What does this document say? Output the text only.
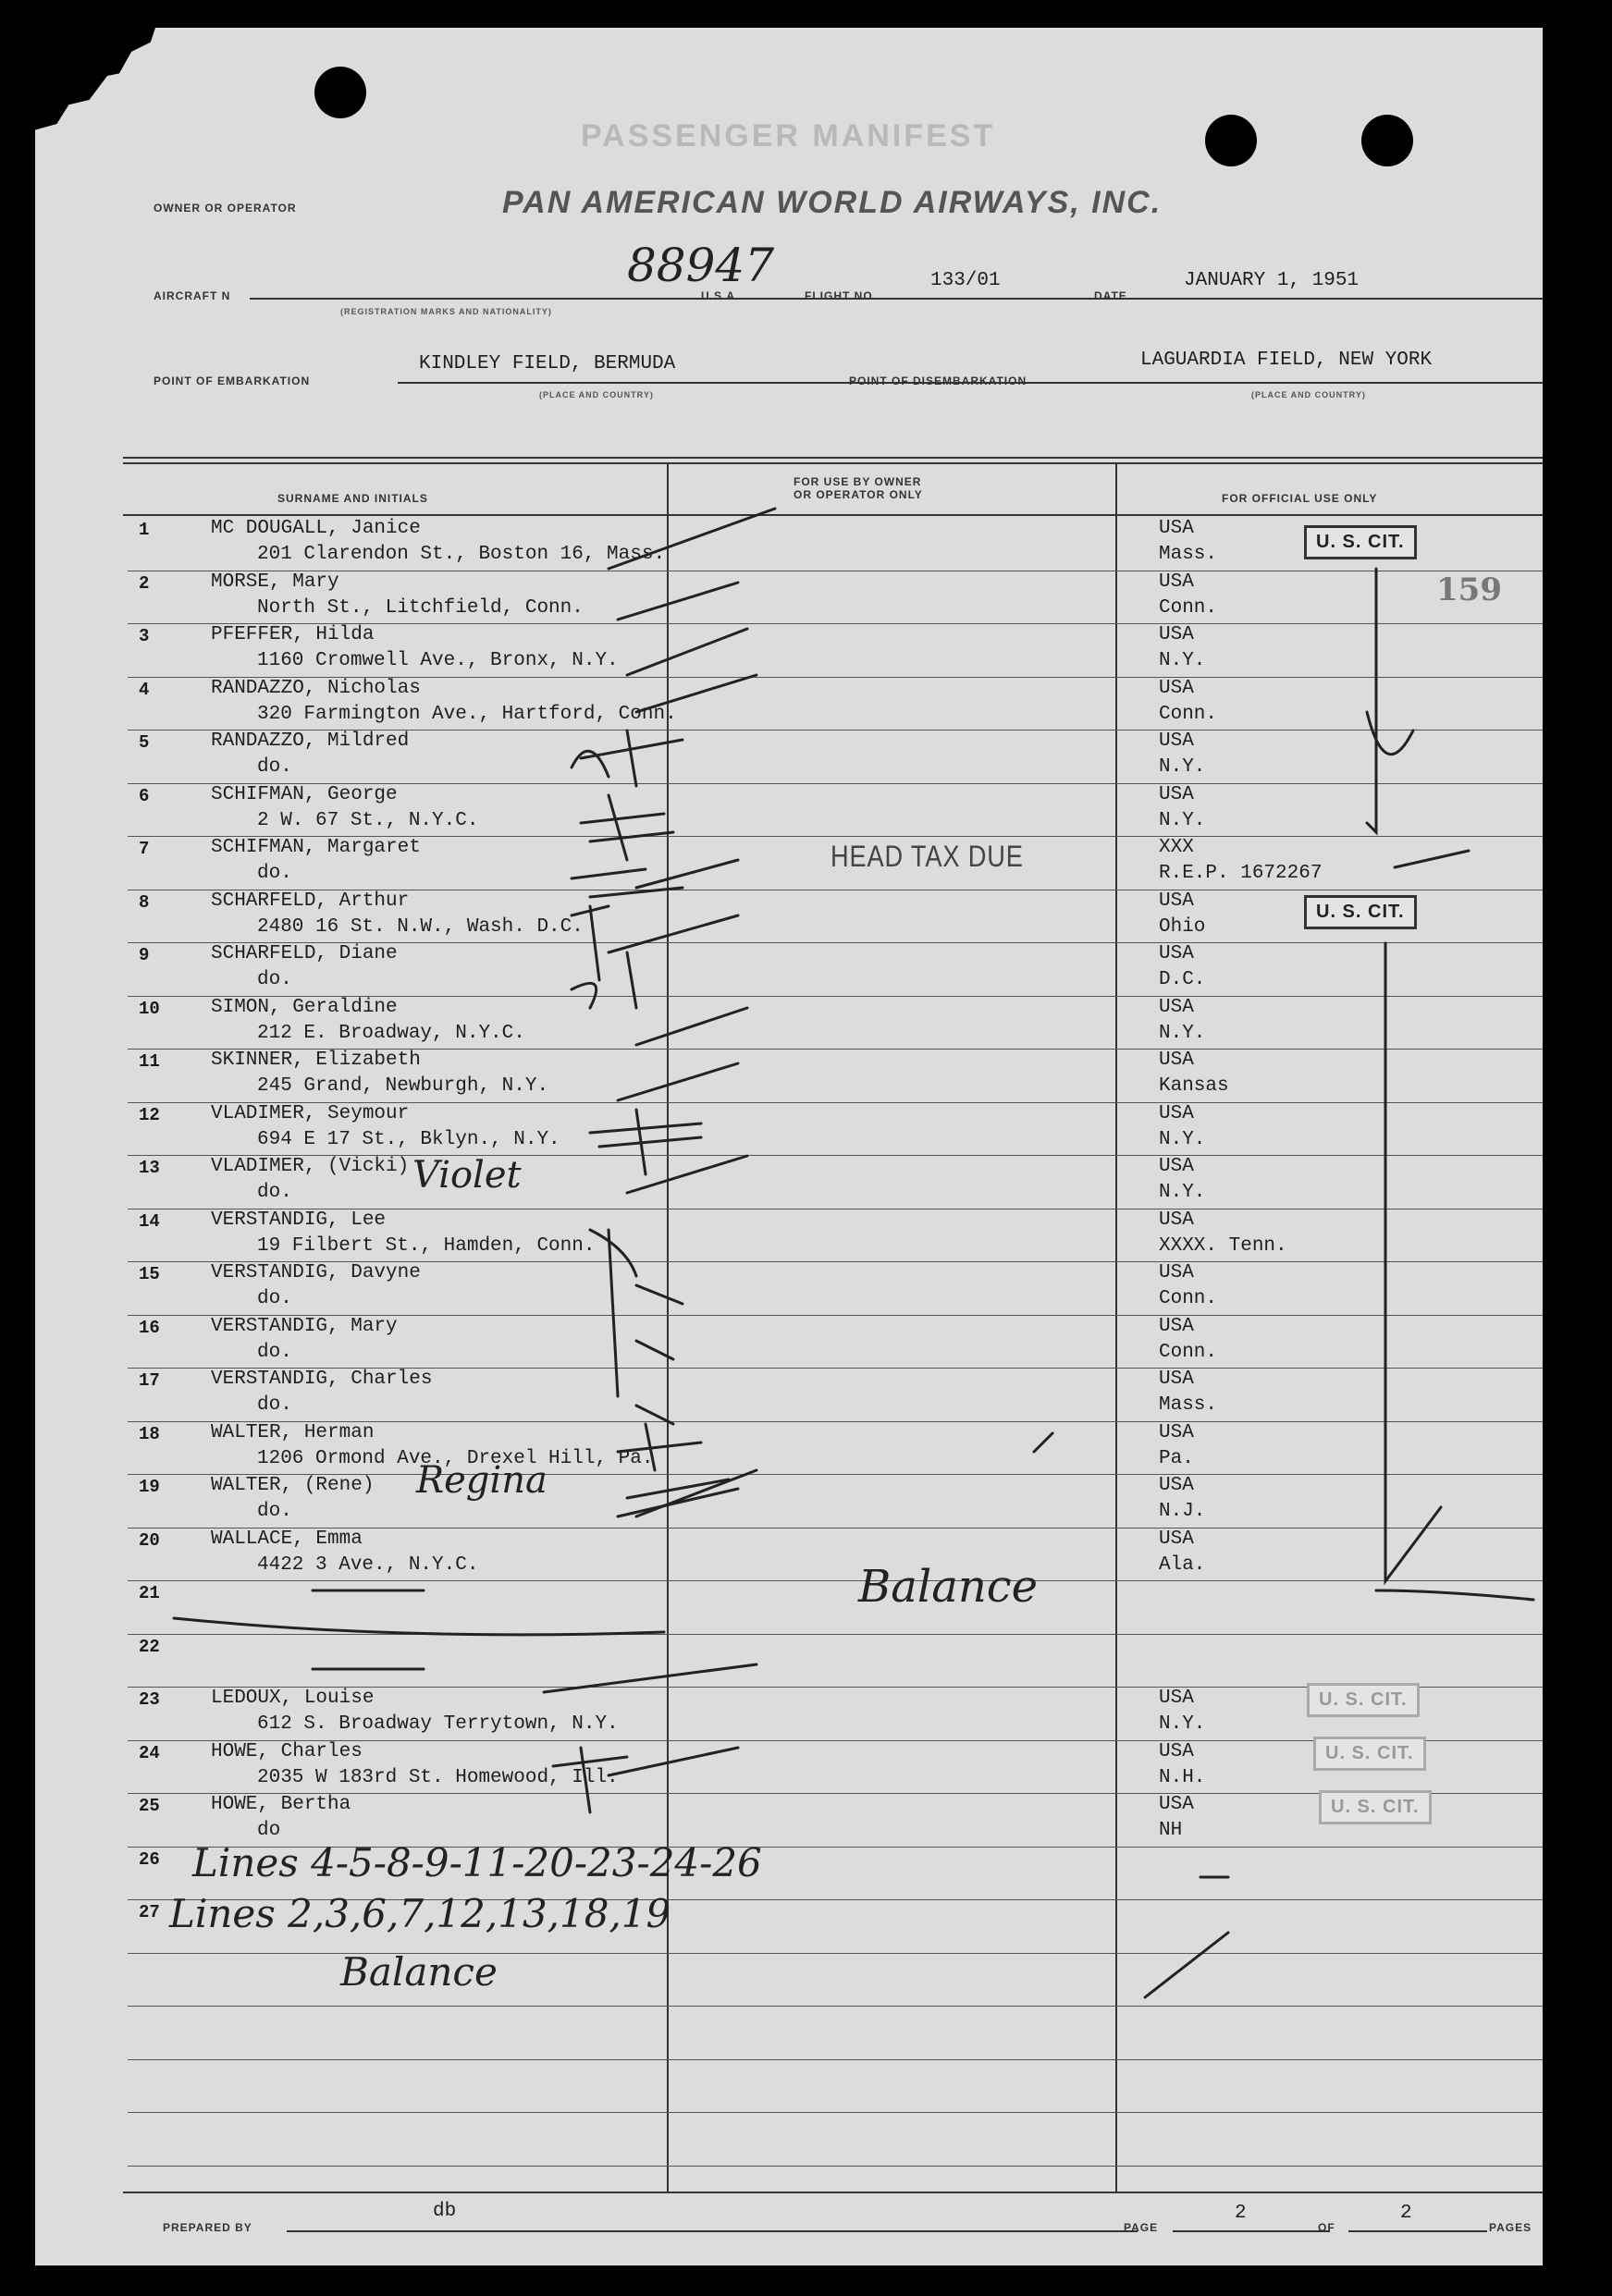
PASSENGER MANIFEST
OWNER OR OPERATOR	PAN AMERICAN WORLD AIRWAYS, INC.
AIRCRAFT N
88947
(REGISTRATION MARKS AND NATIONALITY)
U.S.A.	FLIGHT NO.
133/01
DATE
JANUARY 1, 1951
POINT OF EMBARKATION
KINDLEY FIELD, BERMUDA
(PLACE AND COUNTRY)
POINT OF DISEMBARKATION
LAGUARDIA FIELD, NEW YORK
(PLACE AND COUNTRY)
SURNAME AND INITIALS
FOR USE BY OWNER
OR OPERATOR ONLY	FOR OFFICIAL USE ONLY
1	MC DOUGALL, Janice
201 Clarendon St., Boston 16, Mass.
USA
Mass.
2	MORSE, Mary
North St., Litchfield, Conn.
USA
Conn.
3	PFEFFER, Hilda
1160 Cromwell Ave., Bronx, N.Y.
USA
N.Y.
4	RANDAZZO, Nicholas
320 Farmington Ave., Hartford, Conn.
USA
Conn.
5	RANDAZZO, Mildred
do.
USA
N.Y.
6	SCHIFMAN, George
2 W. 67 St., N.Y.C.
USA
N.Y.
7	SCHIFMAN, Margaret
do.
XXX
R.E.P. 1672267
8	SCHARFELD, Arthur
2480 16 St. N.W., Wash. D.C.
USA
Ohio
9	SCHARFELD, Diane
do.
USA
D.C.
10	SIMON, Geraldine
212 E. Broadway, N.Y.C.
USA
N.Y.
11	SKINNER, Elizabeth
245 Grand, Newburgh, N.Y.
USA
Kansas
12	VLADIMER, Seymour
694 E 17 St., Bklyn., N.Y.
USA
N.Y.
13	VLADIMER, (Vicki)
do.
USA
N.Y.
14	VERSTANDIG, Lee
19 Filbert St., Hamden, Conn.
USA
XXXX. Tenn.
15	VERSTANDIG, Davyne
do.
USA
Conn.
16	VERSTANDIG, Mary
do.
USA
Conn.
17	VERSTANDIG, Charles
do.
USA
Mass.
18	WALTER, Herman
1206 Ormond Ave., Drexel Hill, Pa.
USA
Pa.
19	WALTER, (Rene)
do.
USA
N.J.
20	WALLACE, Emma
4422 3 Ave., N.Y.C.
USA
Ala.
21
22
23	LEDOUX, Louise
612 S. Broadway Terrytown, N.Y.
USA
N.Y.
24	HOWE, Charles
2035 W 183rd St. Homewood, Ill.
USA
N.H.
25	HOWE, Bertha
do
USA
NH
26
27
HEAD TAX DUE
159
U. S. CIT.
U. S. CIT.
U. S. CIT.
U. S. CIT.
U. S. CIT.
Violet
Regina
Balance
Lines 4-5-8-9-11-20-23-24-26
Lines 2,3,6,7,12,13,18,19
Balance
PREPARED BY
db
PAGE
2
OF
2
PAGES
